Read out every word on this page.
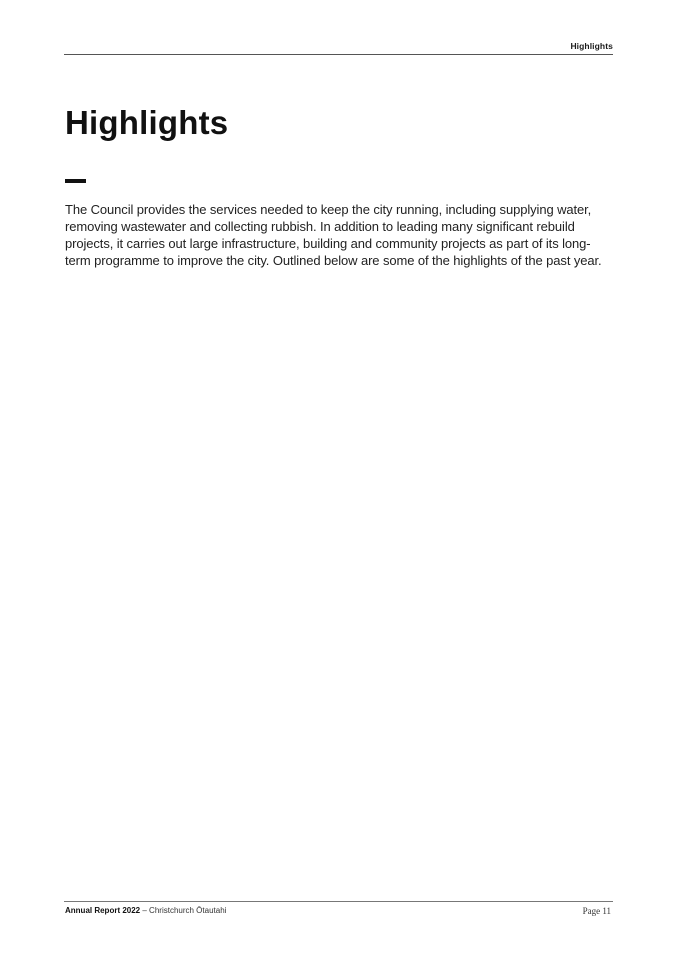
Highlights
Highlights

The Council provides the services needed to keep the city running, including supplying water, removing wastewater and collecting rubbish. In addition to leading many significant rebuild projects, it carries out large infrastructure, building and community projects as part of its long-term programme to improve the city. Outlined below are some of the highlights of the past year.

Annual Report 2022 – Christchurch Ōtautahi	Page 11
